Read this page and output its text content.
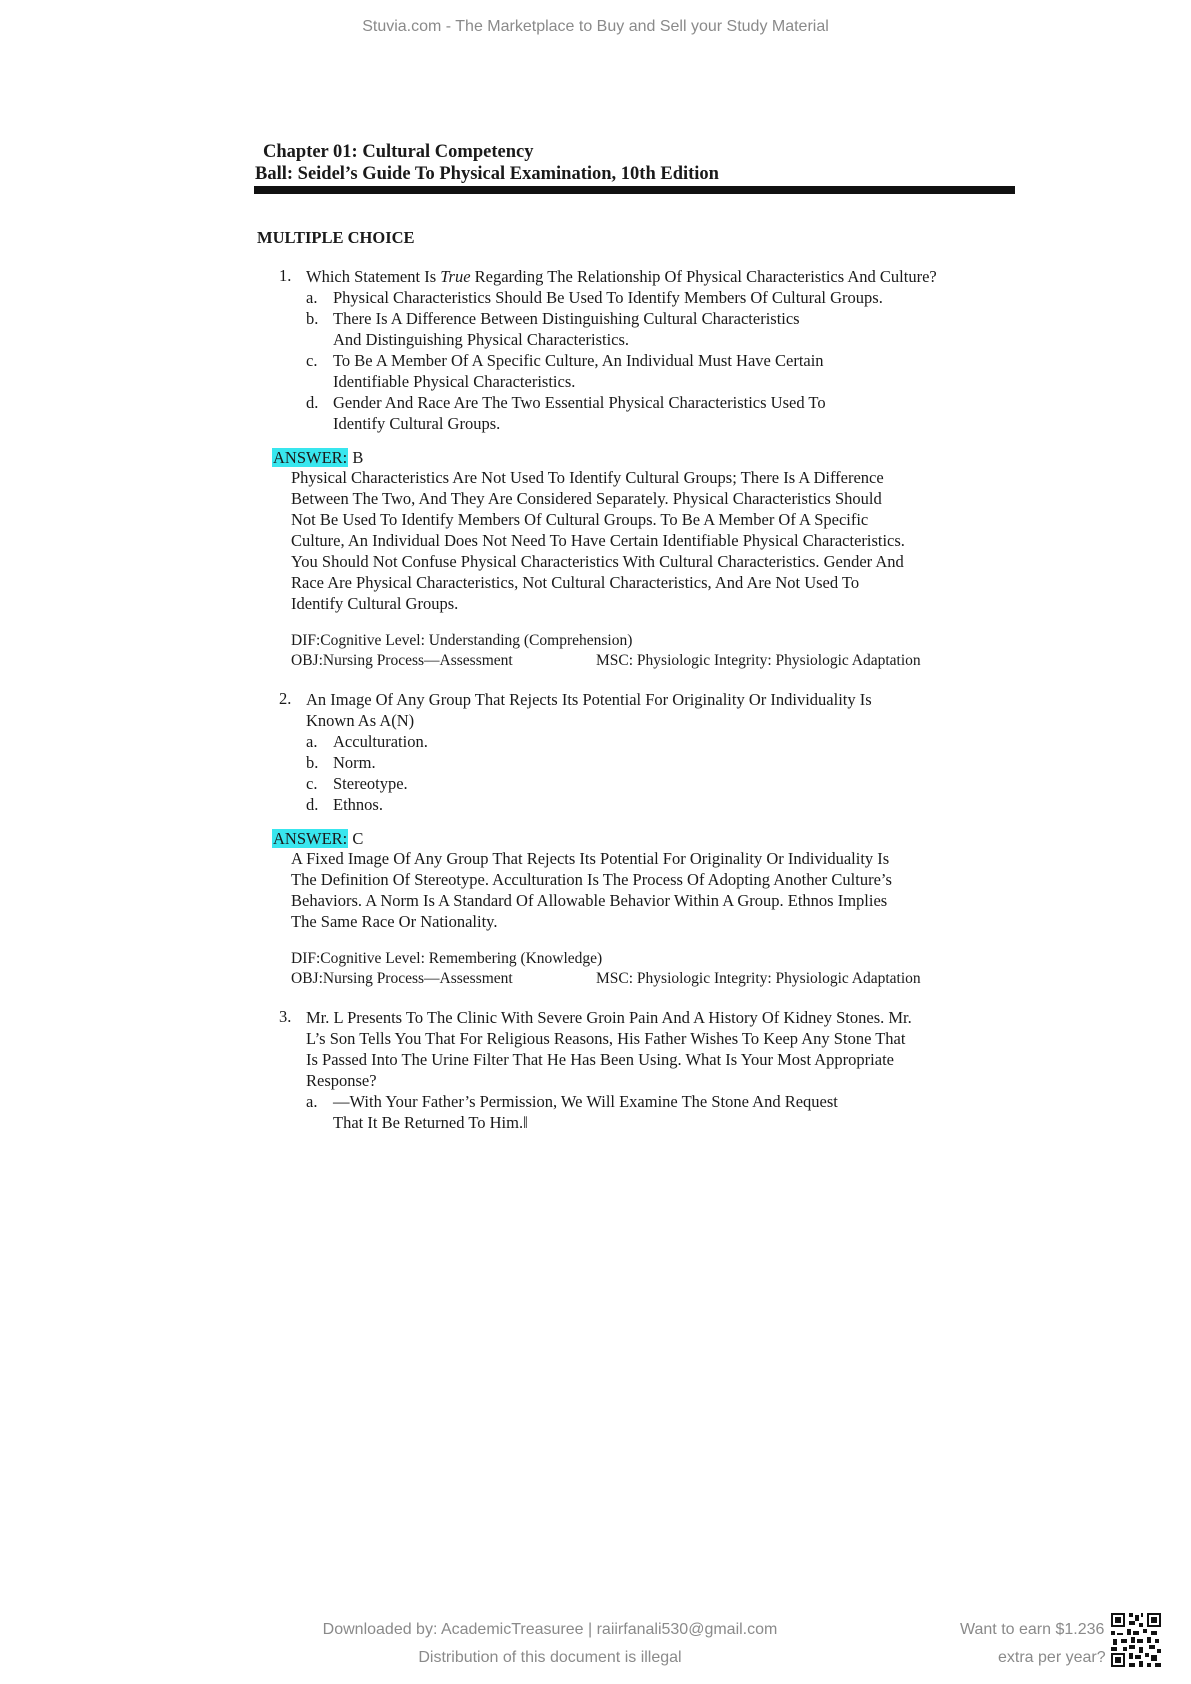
Stuvia.com - The Marketplace to Buy and Sell your Study Material
Chapter 01: Cultural Competency
Ball: Seidel’s Guide To Physical Examination, 10th Edition
MULTIPLE CHOICE
1. Which Statement Is True Regarding The Relationship Of Physical Characteristics And Culture?
a. Physical Characteristics Should Be Used To Identify Members Of Cultural Groups.
b. There Is A Difference Between Distinguishing Cultural Characteristics
And Distinguishing Physical Characteristics.
c. To Be A Member Of A Specific Culture, An Individual Must Have Certain
Identifiable Physical Characteristics.
d. Gender And Race Are The Two Essential Physical Characteristics Used To
Identify Cultural Groups.
ANSWER: B
Physical Characteristics Are Not Used To Identify Cultural Groups; There Is A Difference
Between The Two, And They Are Considered Separately. Physical Characteristics Should
Not Be Used To Identify Members Of Cultural Groups. To Be A Member Of A Specific
Culture, An Individual Does Not Need To Have Certain Identifiable Physical Characteristics.
You Should Not Confuse Physical Characteristics With Cultural Characteristics. Gender And
Race Are Physical Characteristics, Not Cultural Characteristics, And Are Not Used To
Identify Cultural Groups.
DIF:Cognitive Level: Understanding (Comprehension)
OBJ:Nursing Process—Assessment	MSC: Physiologic Integrity: Physiologic Adaptation
2. An Image Of Any Group That Rejects Its Potential For Originality Or Individuality Is
Known As A(N)
a. Acculturation.
b. Norm.
c. Stereotype.
d. Ethnos.
ANSWER: C
A Fixed Image Of Any Group That Rejects Its Potential For Originality Or Individuality Is
The Definition Of Stereotype. Acculturation Is The Process Of Adopting Another Culture’s
Behaviors. A Norm Is A Standard Of Allowable Behavior Within A Group. Ethnos Implies
The Same Race Or Nationality.
DIF:Cognitive Level: Remembering (Knowledge)
OBJ:Nursing Process—Assessment	MSC: Physiologic Integrity: Physiologic Adaptation
3. Mr. L Presents To The Clinic With Severe Groin Pain And A History Of Kidney Stones. Mr.
L’s Son Tells You That For Religious Reasons, His Father Wishes To Keep Any Stone That
Is Passed Into The Urine Filter That He Has Been Using. What Is Your Most Appropriate
Response?
a. ―With Your Father’s Permission, We Will Examine The Stone And Request
That It Be Returned To Him.‖
Downloaded by: AcademicTreasuree | raiirfanali530@gmail.com
Distribution of this document is illegal
Want to earn $1.236
extra per year?
